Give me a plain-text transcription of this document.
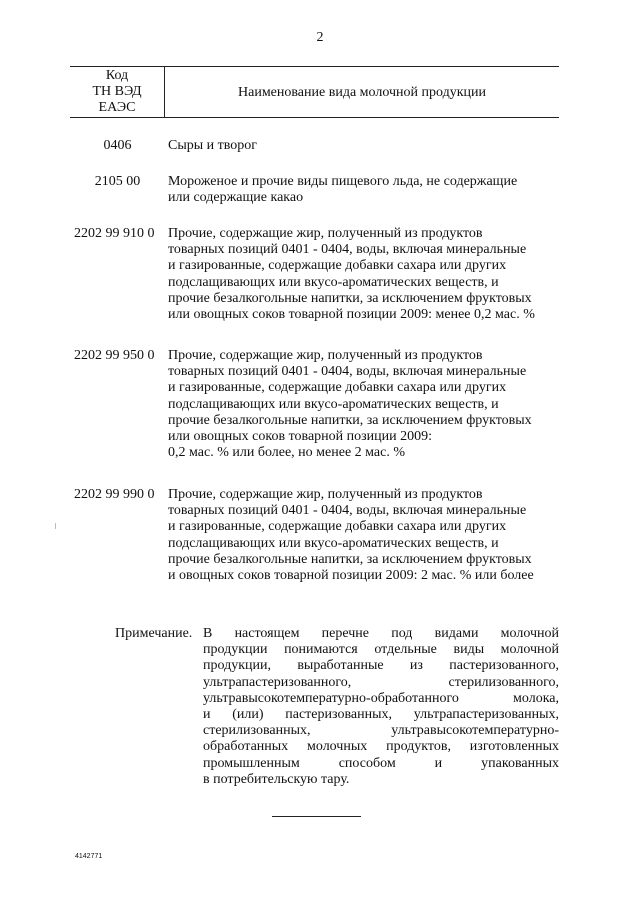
2
Код
ТН ВЭД
ЕАЭС
Наименование вида молочной продукции
0406	Сыры и творог
2105 00	Мороженое и прочие виды пищевого льда, не содержащие
или содержащие какао
2202 99 910 0 Прочие, содержащие жир, полученный из продуктов
товарных позиций 0401 - 0404, воды, включая минеральные
и газированные, содержащие добавки сахара или других
подслащивающих или вкусо-ароматических веществ, и
прочие безалкогольные напитки, за исключением фруктовых
или овощных соков товарной позиции 2009: менее 0,2 мас. %
2202 99 950 0 Прочие, содержащие жир, полученный из продуктов
товарных позиций 0401 - 0404, воды, включая минеральные
и газированные, содержащие добавки сахара или других
подслащивающих или вкусо-ароматических веществ, и
прочие безалкогольные напитки, за исключением фруктовых
или овощных соков товарной позиции 2009:
0,2 мас. % или более, но менее 2 мас. %
2202 99 990 0 Прочие, содержащие жир, полученный из продуктов
товарных позиций 0401 - 0404, воды, включая минеральные
и газированные, содержащие добавки сахара или других
подслащивающих или вкусо-ароматических веществ, и
прочие безалкогольные напитки, за исключением фруктовых
и овощных соков товарной позиции 2009: 2 мас. % или более
Примечание. В настоящем перечне под видами молочной
продукции понимаются отдельные виды молочной
продукции, выработанные из пастеризованного,
ультрапастеризованного, стерилизованного,
ультравысокотемпературно-обработанного молока,
и (или) пастеризованных, ультрапастеризованных,
стерилизованных, ультравысокотемпературно-
обработанных молочных продуктов, изготовленных
промышленным способом и упакованных
в потребительскую тару.
4142771
